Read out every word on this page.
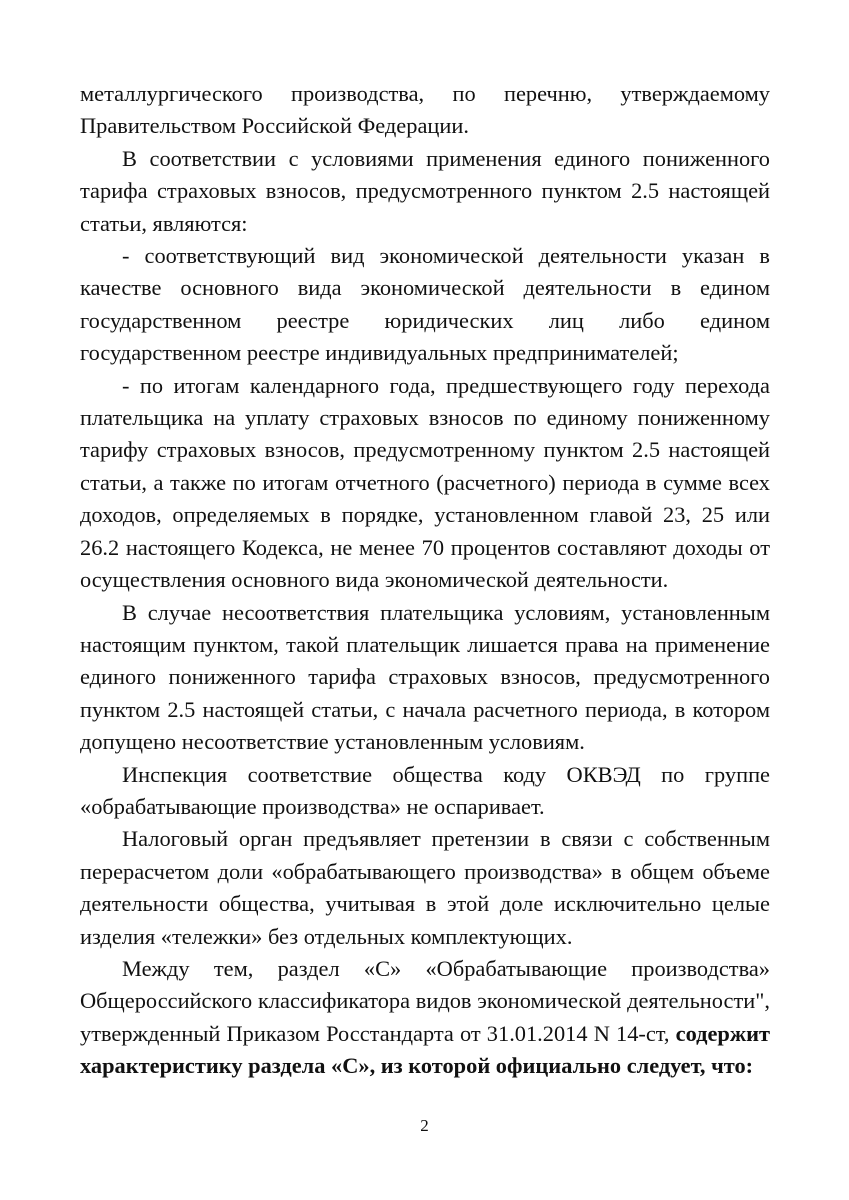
металлургического производства, по перечню, утверждаемому Правительством Российской Федерации.

В соответствии с условиями применения единого пониженного тарифа страховых взносов, предусмотренного пунктом 2.5 настоящей статьи, являются:

- соответствующий вид экономической деятельности указан в качестве основного вида экономической деятельности в едином государственном реестре юридических лиц либо едином государственном реестре индивидуальных предпринимателей;

- по итогам календарного года, предшествующего году перехода плательщика на уплату страховых взносов по единому пониженному тарифу страховых взносов, предусмотренному пунктом 2.5 настоящей статьи, а также по итогам отчетного (расчетного) периода в сумме всех доходов, определяемых в порядке, установленном главой 23, 25 или 26.2 настоящего Кодекса, не менее 70 процентов составляют доходы от осуществления основного вида экономической деятельности.

В случае несоответствия плательщика условиям, установленным настоящим пунктом, такой плательщик лишается права на применение единого пониженного тарифа страховых взносов, предусмотренного пунктом 2.5 настоящей статьи, с начала расчетного периода, в котором допущено несоответствие установленным условиям.

Инспекция соответствие общества коду ОКВЭД по группе «обрабатывающие производства» не оспаривает.

Налоговый орган предъявляет претензии в связи с собственным перерасчетом доли «обрабатывающего производства» в общем объеме деятельности общества, учитывая в этой доле исключительно целые изделия «тележки» без отдельных комплектующих.

Между тем, раздел «С» «Обрабатывающие производства» Общероссийского классификатора видов экономической деятельности", утвержденный Приказом Росстандарта от 31.01.2014 N 14-ст, содержит характеристику раздела «С», из которой официально следует, что:

2
